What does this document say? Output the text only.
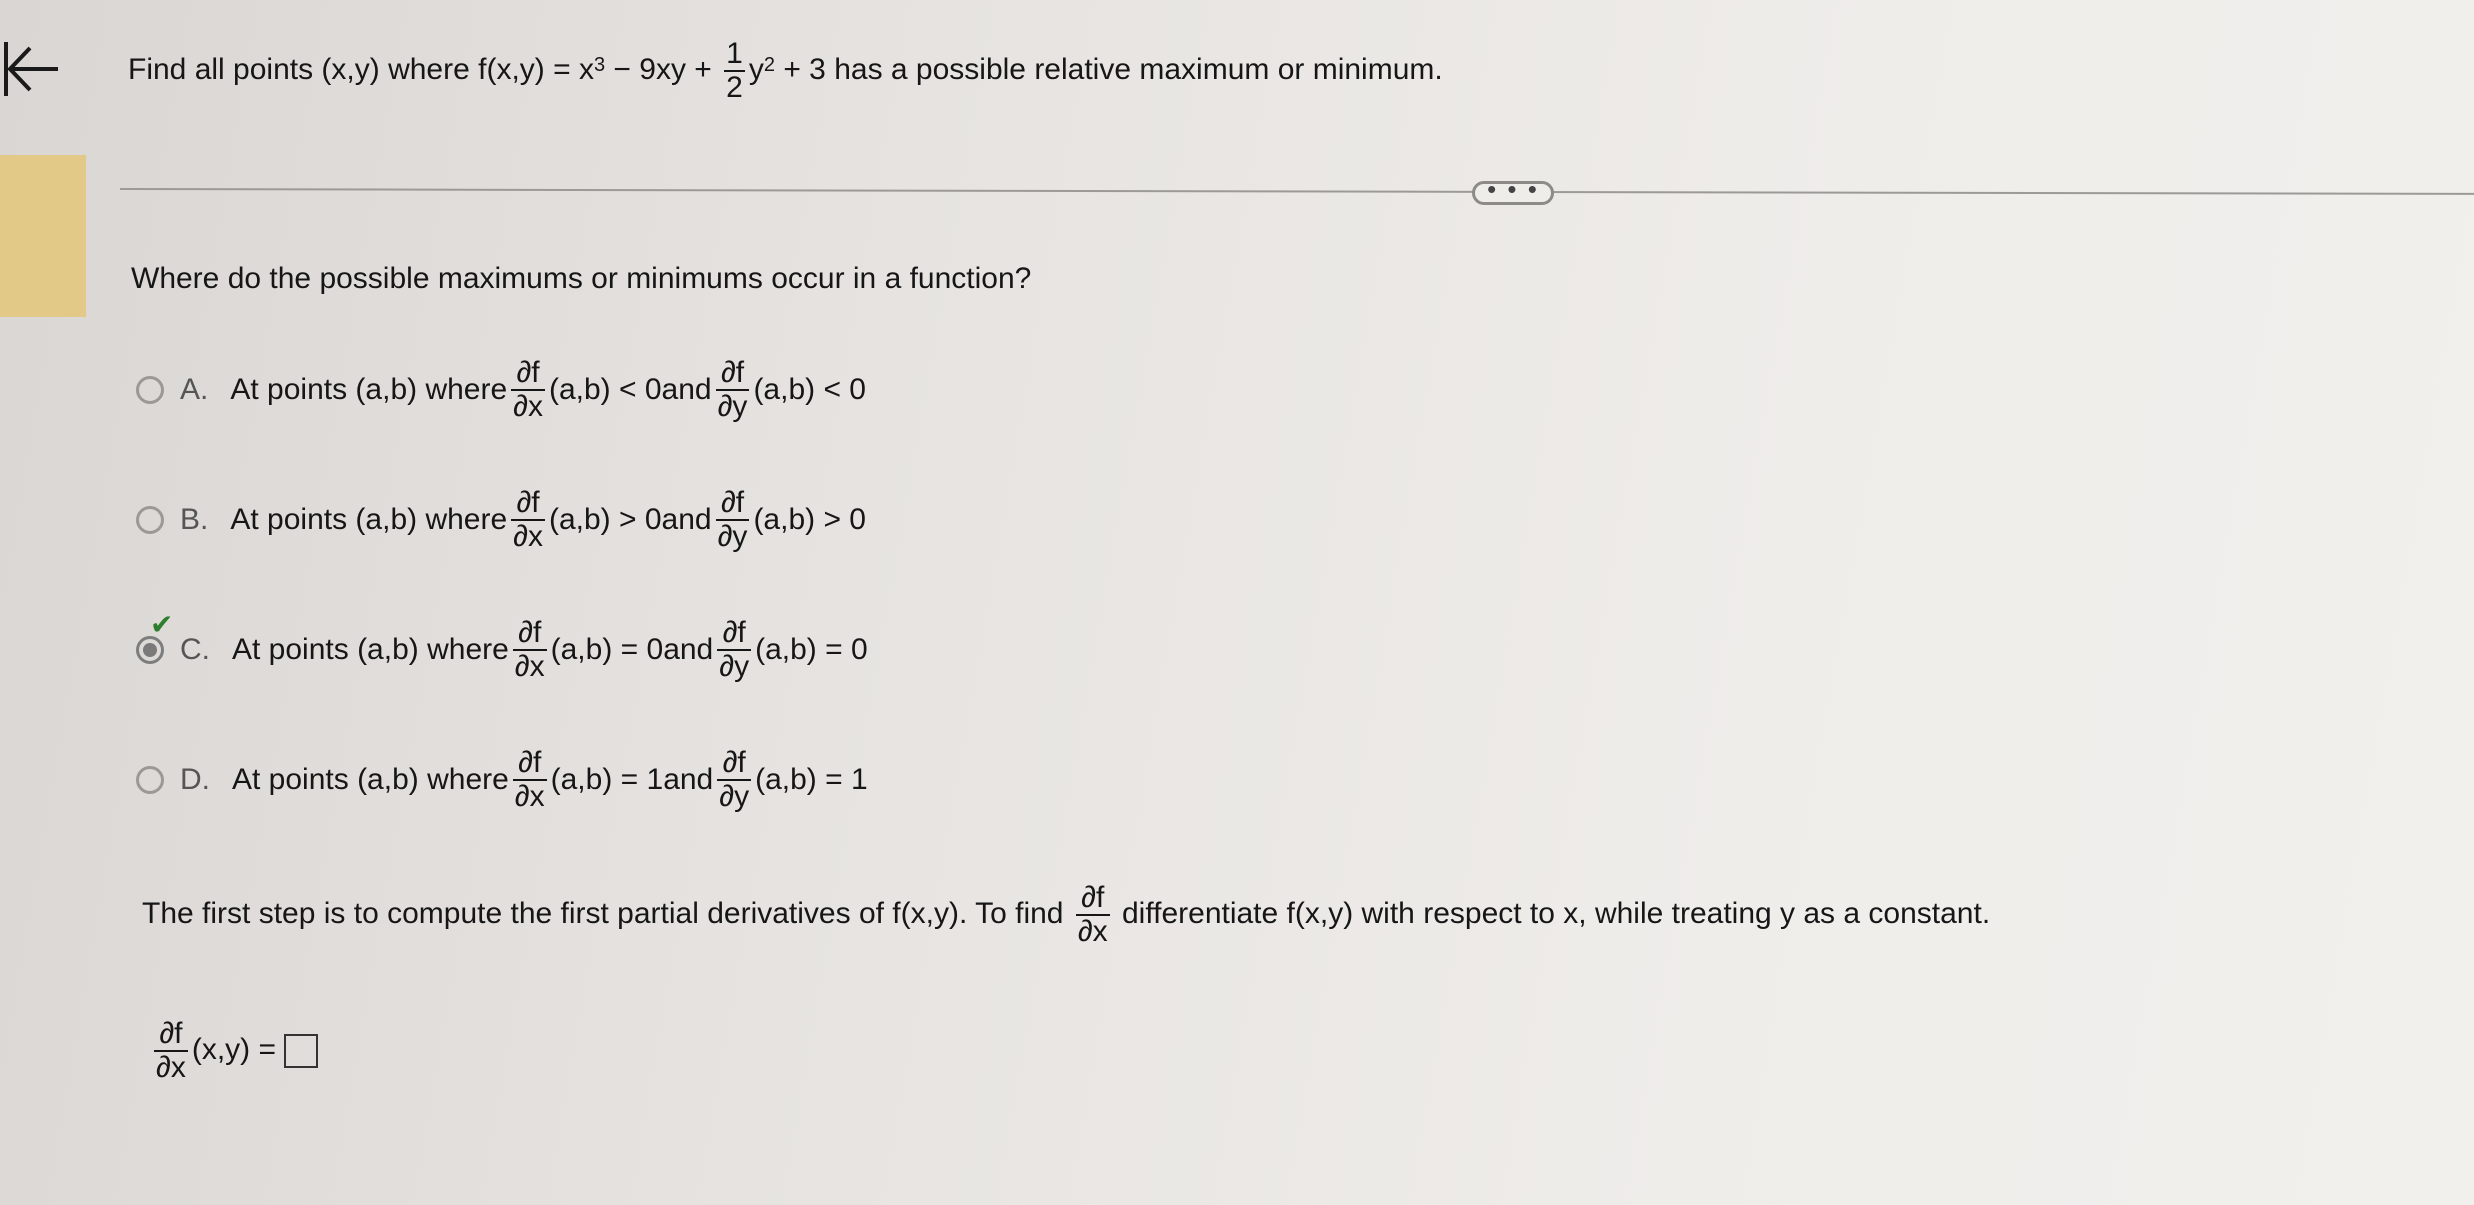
Find all points (x,y) where $f(x,y) = x^3 - 9xy + \frac{1}{2} y^2 + 3$ has a possible relative maximum or minimum.
• • •
Where do the possible maximums or minimums occur in a function?
A. At points (a,b) where $\frac{\partial f}{\partial x} (a,b) < 0$ and $\frac{\partial f}{\partial y} (a,b) < 0$
B. At points (a,b) where $\frac{\partial f}{\partial x} (a,b) > 0$ and $\frac{\partial f}{\partial y} (a,b) > 0$
✔
C. At points (a,b) where $\frac{\partial f}{\partial x} (a,b) = 0$ and $\frac{\partial f}{\partial y} (a,b) = 0$
D. At points (a,b) where $\frac{\partial f}{\partial x} (a,b) = 1$ and $\frac{\partial f}{\partial y} (a,b) = 1$
The first step is to compute the first partial derivatives of f(x,y). To find $\frac{\partial f}{\partial x}$ differentiate f(x,y) with respect to x, while treating y as a constant.
$\frac{\partial f}{\partial x} (x,y)$ =
